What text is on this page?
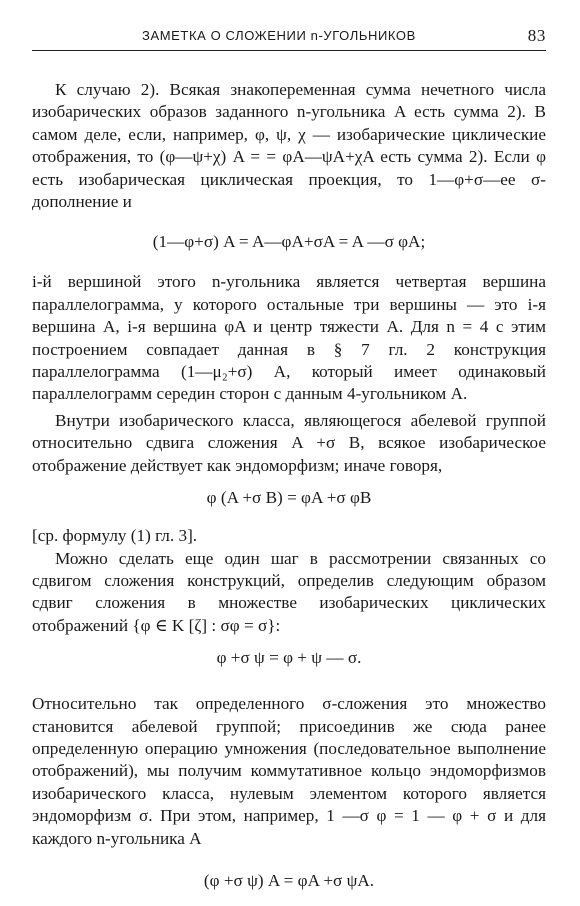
ЗАМЕТКА О СЛОЖЕНИИ n-УГОЛЬНИКОВ	83

К случаю 2). Всякая знакопеременная сумма нечетного числа изобарических образов заданного n-угольника A есть сумма 2). В самом деле, если, например, φ, ψ, χ — изобарические циклические отображения, то (φ—ψ+χ) A = = φA—ψA+χA есть сумма 2). Если φ есть изобарическая циклическая проекция, то 1—φ+σ—ее σ-дополнение и

(1—φ+σ) A = A—φA+σA = A —σ φA;

i-й вершиной этого n-угольника является четвертая вершина параллелограмма, у которого остальные три вершины — это i-я вершина A, i-я вершина φA и центр тяжести A. Для n = 4 с этим построением совпадает данная в § 7 гл. 2 конструкция параллелограмма (1—μ₂+σ) A, который имеет одинаковый параллелограмм середин сторон с данным 4-угольником A.

Внутри изобарического класса, являющегося абелевой группой относительно сдвига сложения A +σ B, всякое изобарическое отображение действует как эндоморфизм; иначе говоря,

φ (A +σ B) = φA +σ φB

[ср. формулу (1) гл. 3].

Можно сделать еще один шаг в рассмотрении связанных со сдвигом сложения конструкций, определив следующим образом сдвиг сложения в множестве изобарических циклических отображений {φ ∈ K [ζ] : σφ = σ}:

φ +σ ψ = φ + ψ — σ.

Относительно так определенного σ-сложения это множество становится абелевой группой; присоединив же сюда ранее определенную операцию умножения (последовательное выполнение отображений), мы получим коммутативное кольцо эндоморфизмов изобарического класса, нулевым элементом которого является эндоморфизм σ. При этом, например, 1 —σ φ = 1 — φ + σ и для каждого n-угольника A

(φ +σ ψ) A = φA +σ ψA.
